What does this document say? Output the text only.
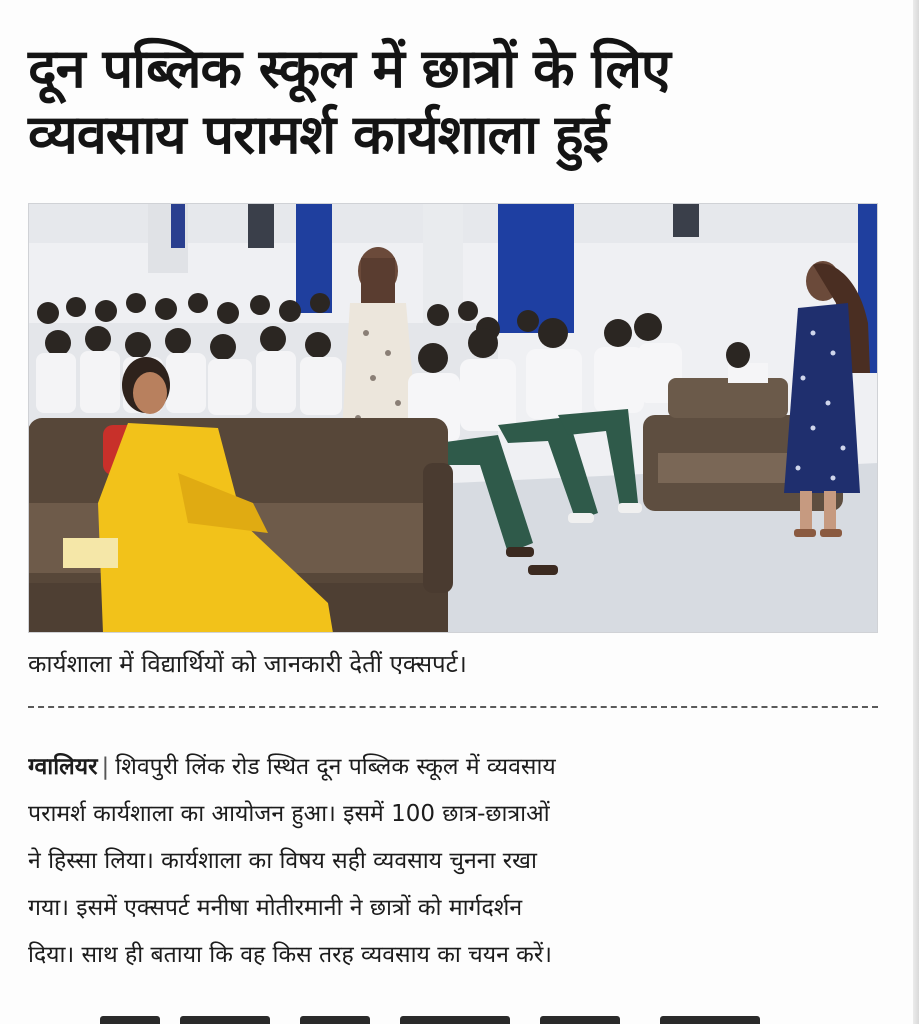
दून पब्लिक स्कूल में छात्रों के लिए
व्यवसाय परामर्श कार्यशाला हुई
कार्यशाला में विद्यार्थियों को जानकारी देतीं एक्सपर्ट।
ग्वालियर | शिवपुरी लिंक रोड स्थित दून पब्लिक स्कूल में व्यवसाय
परामर्श कार्यशाला का आयोजन हुआ। इसमें 100 छात्र-छात्राओं
ने हिस्सा लिया। कार्यशाला का विषय सही व्यवसाय चुनना रखा
गया। इसमें एक्सपर्ट मनीषा मोतीरमानी ने छात्रों को मार्गदर्शन
दिया। साथ ही बताया कि वह किस तरह व्यवसाय का चयन करें।
